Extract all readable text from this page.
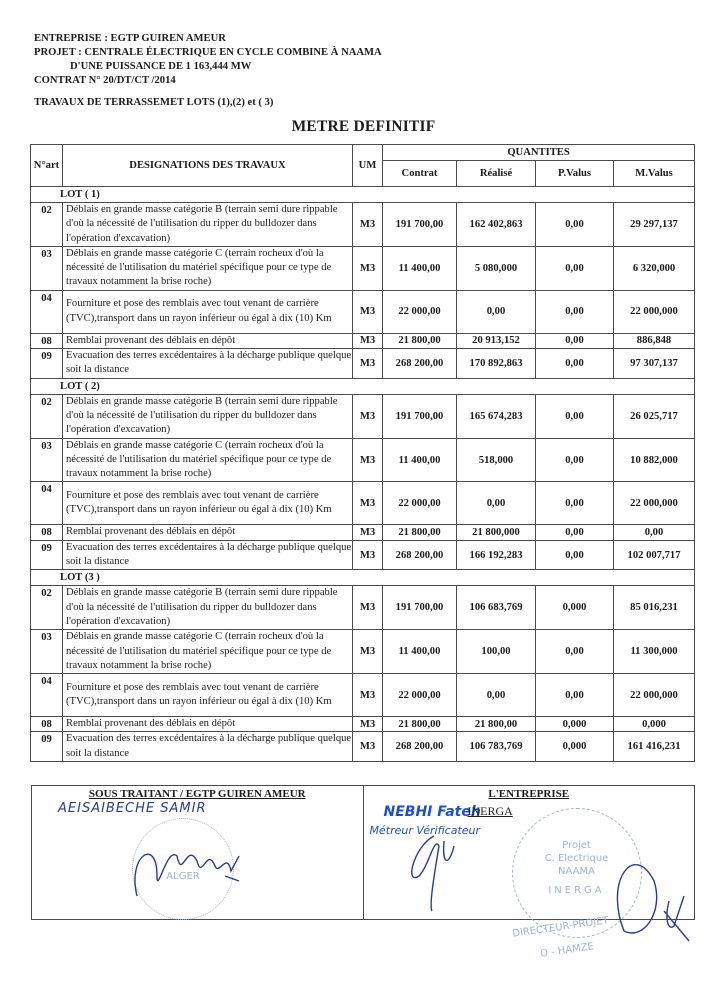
ENTREPRISE : EGTP GUIREN AMEUR
PROJET : CENTRALE ÉLECTRIQUE EN CYCLE COMBINE À NAAMA
D'UNE PUISSANCE DE 1 163,444 MW
CONTRAT N° 20/DT/CT /2014
TRAVAUX DE TERRASSEMET LOTS (1),(2) et ( 3)
METRE DEFINITIF
N°art	DESIGNATIONS DES TRAVAUX	UM	QUANTITES			
			Contrat	Réalisé	P.Valus	M.Valus
LOT ( 1)						
02	Déblais en grande masse catégorie B (terrain semi dure rippable d'où la nécessité de l'utilisation du ripper du bulldozer dans l'opération d'excavation)	M3	191 700,00	162 402,863	0,00	29 297,137
03	Déblais en grande masse catégorie C (terrain rocheux d'où la nécessité de l'utilisation du matériel spécifique pour ce type de travaux notamment la brise roche)	M3	11 400,00	5 080,000	0,00	6 320,000
04	Fourniture et pose des remblais avec tout venant de carrière (TVC),transport dans un rayon inférieur ou égal à dix (10) Km	M3	22 000,00	0,00	0,00	22 000,000
08	Remblai provenant des déblais en dépôt	M3	21 800,00	20 913,152	0,00	886,848
09	Evacuation des terres excédentaires à la décharge publique quelque soit la distance	M3	268 200,00	170 892,863	0,00	97 307,137
LOT ( 2)						
02	Déblais en grande masse catégorie B (terrain semi dure rippable d'où la nécessité de l'utilisation du ripper du bulldozer dans l'opération d'excavation)	M3	191 700,00	165 674,283	0,00	26 025,717
03	Déblais en grande masse catégorie C (terrain rocheux d'où la nécessité de l'utilisation du matériel spécifique pour ce type de travaux notamment la brise roche)	M3	11 400,00	518,000	0,00	10 882,000
04	Fourniture et pose des remblais avec tout venant de carrière (TVC),transport dans un rayon inférieur ou égal à dix (10) Km	M3	22 000,00	0,00	0,00	22 000,000
08	Remblai provenant des déblais en dépôt	M3	21 800,00	21 800,000	0,00	0,00
09	Evacuation des terres excédentaires à la décharge publique quelque soit la distance	M3	268 200,00	166 192,283	0,00	102 007,717
LOT (3 )						
02	Déblais en grande masse catégorie B (terrain semi dure rippable d'où la nécessité de l'utilisation du ripper du bulldozer dans l'opération d'excavation)	M3	191 700,00	106 683,769	0,000	85 016,231
03	Déblais en grande masse catégorie C (terrain rocheux d'où la nécessité de l'utilisation du matériel spécifique pour ce type de travaux notamment la brise roche)	M3	11 400,00	100,00	0,00	11 300,000
04	Fourniture et pose des remblais avec tout venant de carrière (TVC),transport dans un rayon inférieur ou égal à dix (10) Km	M3	22 000,00	0,00	0,00	22 000,000
08	Remblai provenant des déblais en dépôt	M3	21 800,00	21 800,00	0,000	0,000
09	Evacuation des terres excédentaires à la décharge publique quelque soit la distance	M3	268 200,00	106 783,769	0,000	161 416,231
SOUS TRAITANT / EGTP GUIREN AMEUR
AEISAIBECHE SAMIR
ALGER
L'ENTREPRISE
NEBHI Fateh
INERGA
Métreur Vérificateur
Projet
C. Electrique
NAAMA
INERGA
DIRECTEUR-PROJET
O - HAMZE
